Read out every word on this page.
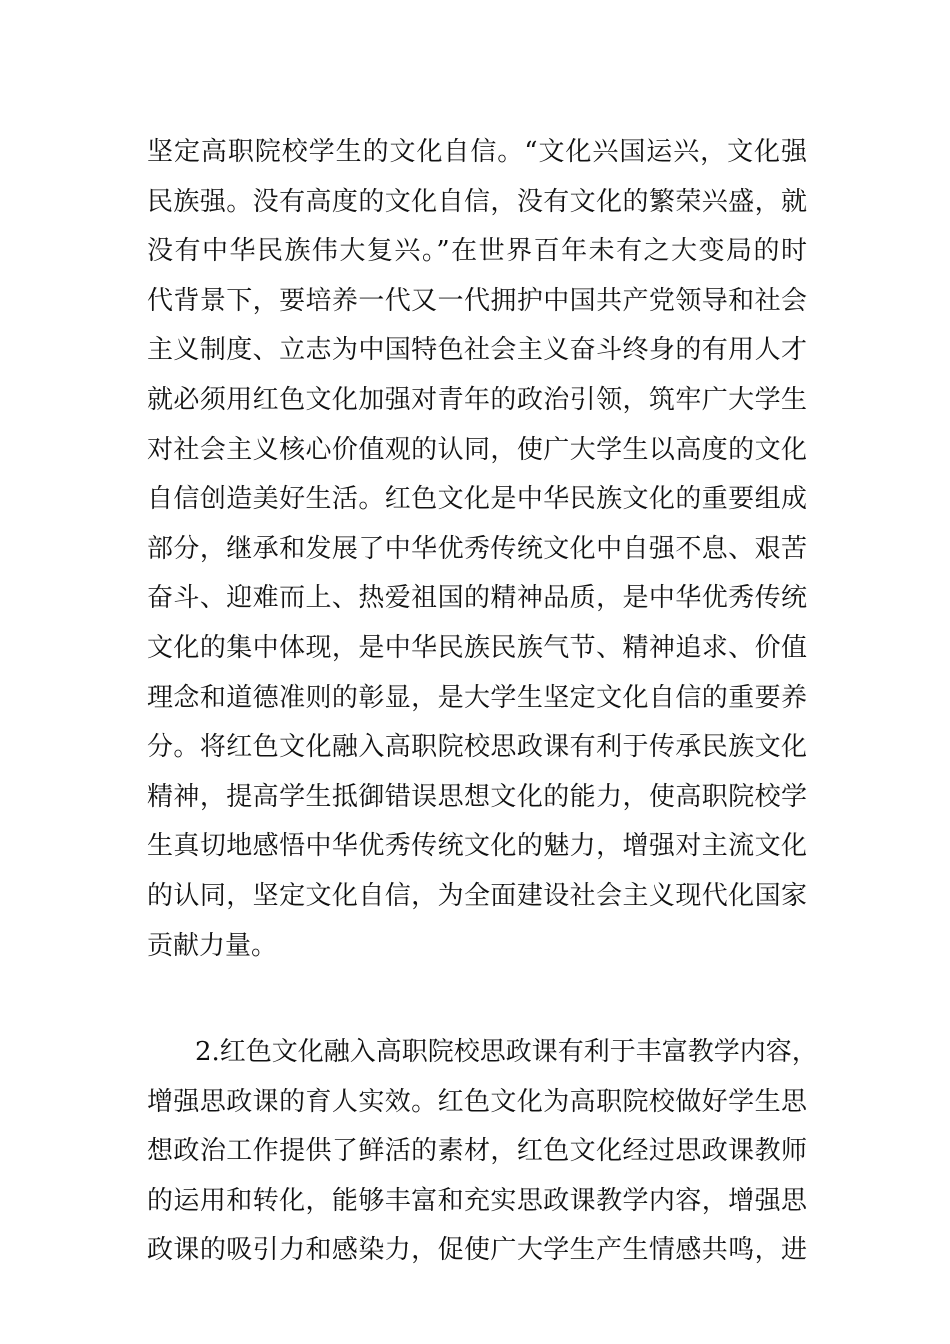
坚定高职院校学生的文化自信。“文化兴国运兴，文化强
民族强。没有高度的文化自信，没有文化的繁荣兴盛，就
没有中华民族伟大复兴。”在世界百年未有之大变局的时
代背景下，要培养一代又一代拥护中国共产党领导和社会
主义制度、立志为中国特色社会主义奋斗终身的有用人才
就必须用红色文化加强对青年的政治引领，筑牢广大学生
对社会主义核心价值观的认同，使广大学生以高度的文化
自信创造美好生活。红色文化是中华民族文化的重要组成
部分，继承和发展了中华优秀传统文化中自强不息、艰苦
奋斗、迎难而上、热爱祖国的精神品质，是中华优秀传统
文化的集中体现，是中华民族民族气节、精神追求、价值
理念和道德准则的彰显，是大学生坚定文化自信的重要养
分。将红色文化融入高职院校思政课有利于传承民族文化
精神，提高学生抵御错误思想文化的能力，使高职院校学
生真切地感悟中华优秀传统文化的魅力，增强对主流文化
的认同，坚定文化自信，为全面建设社会主义现代化国家
贡献力量。
2.红色文化融入高职院校思政课有利于丰富教学内容，
增强思政课的育人实效。红色文化为高职院校做好学生思
想政治工作提供了鲜活的素材，红色文化经过思政课教师
的运用和转化，能够丰富和充实思政课教学内容，增强思
政课的吸引力和感染力，促使广大学生产生情感共鸣，进
